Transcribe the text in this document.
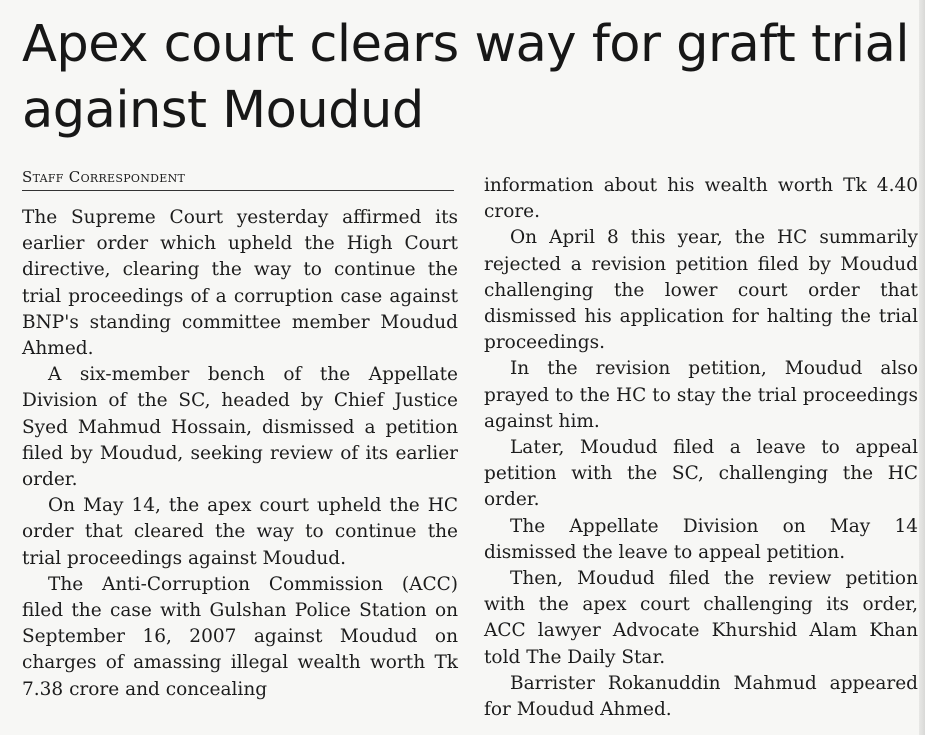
Apex court clears way for graft trial against Moudud
Staff Correspondent

The Supreme Court yesterday affirmed its earlier order which upheld the High Court directive, clearing the way to continue the trial proceedings of a corruption case against BNP's standing committee member Moudud Ahmed.

A six-member bench of the Appellate Division of the SC, headed by Chief Justice Syed Mahmud Hossain, dismissed a petition filed by Moudud, seeking review of its earlier order.

On May 14, the apex court upheld the HC order that cleared the way to continue the trial proceedings against Moudud.

The Anti-Corruption Commission (ACC) filed the case with Gulshan Police Station on September 16, 2007 against Moudud on charges of amassing illegal wealth worth Tk 7.38 crore and concealing

information about his wealth worth Tk 4.40 crore.

On April 8 this year, the HC summarily rejected a revision petition filed by Moudud challenging the lower court order that dismissed his application for halting the trial proceedings.

In the revision petition, Moudud also prayed to the HC to stay the trial proceedings against him.

Later, Moudud filed a leave to appeal petition with the SC, challenging the HC order.

The Appellate Division on May 14 dismissed the leave to appeal petition.

Then, Moudud filed the review petition with the apex court challenging its order, ACC lawyer Advocate Khurshid Alam Khan told The Daily Star.

Barrister Rokanuddin Mahmud appeared for Moudud Ahmed.
